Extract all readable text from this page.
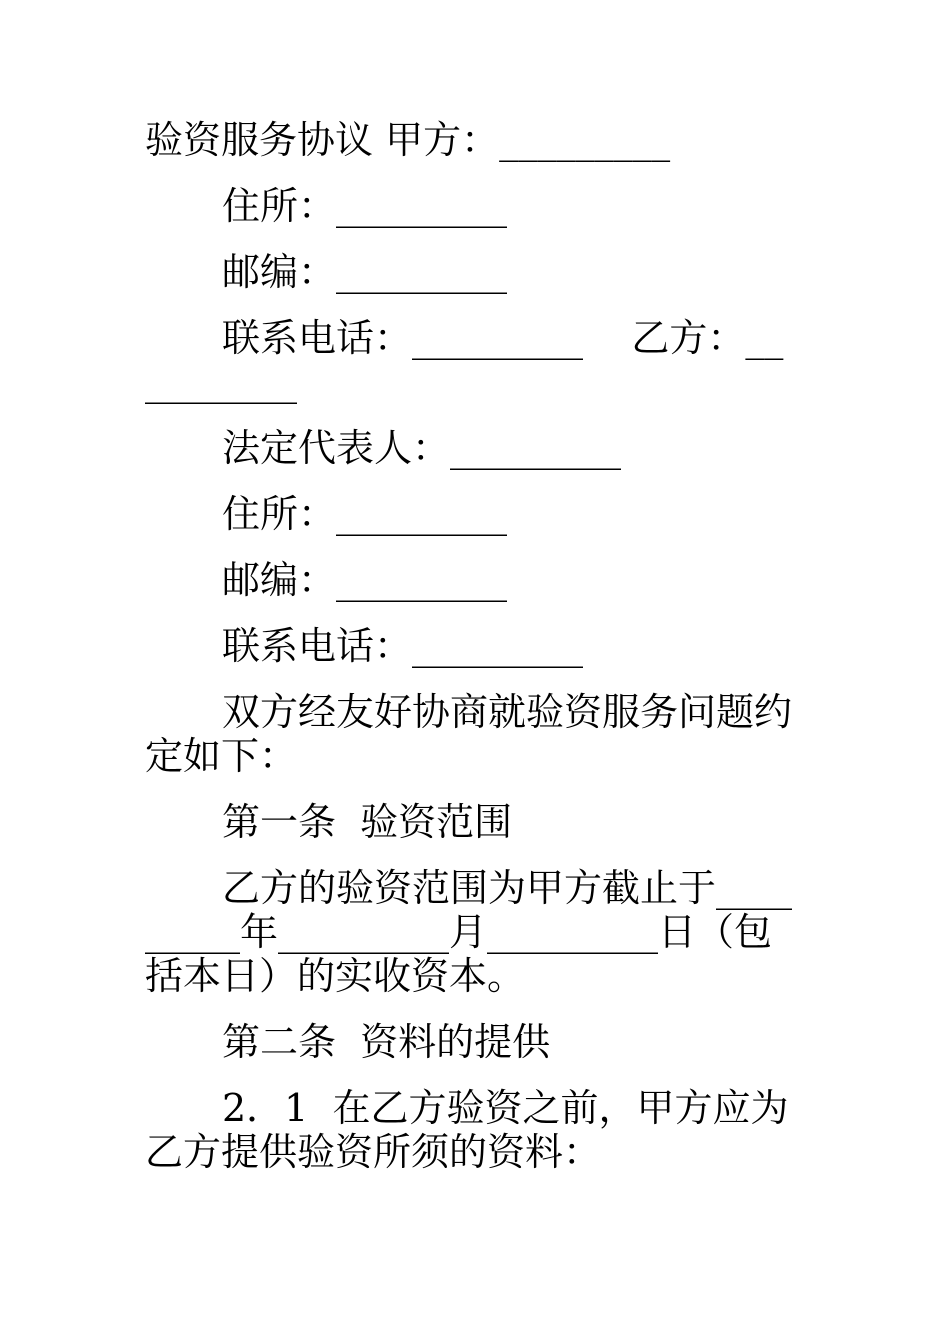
验资服务协议 甲方：_________

住所：_________

邮编：_________

联系电话：_________    乙方：__________

法定代表人：_________

住所：_________

邮编：_________

联系电话：_________

双方经友好协商就验资服务问题约定如下：

第一条  验资范围

乙方的验资范围为甲方截止于_________年_________月_________日（包括本日）的实收资本。

第二条  资料的提供

2．1  在乙方验资之前，甲方应为乙方提供验资所须的资料：
